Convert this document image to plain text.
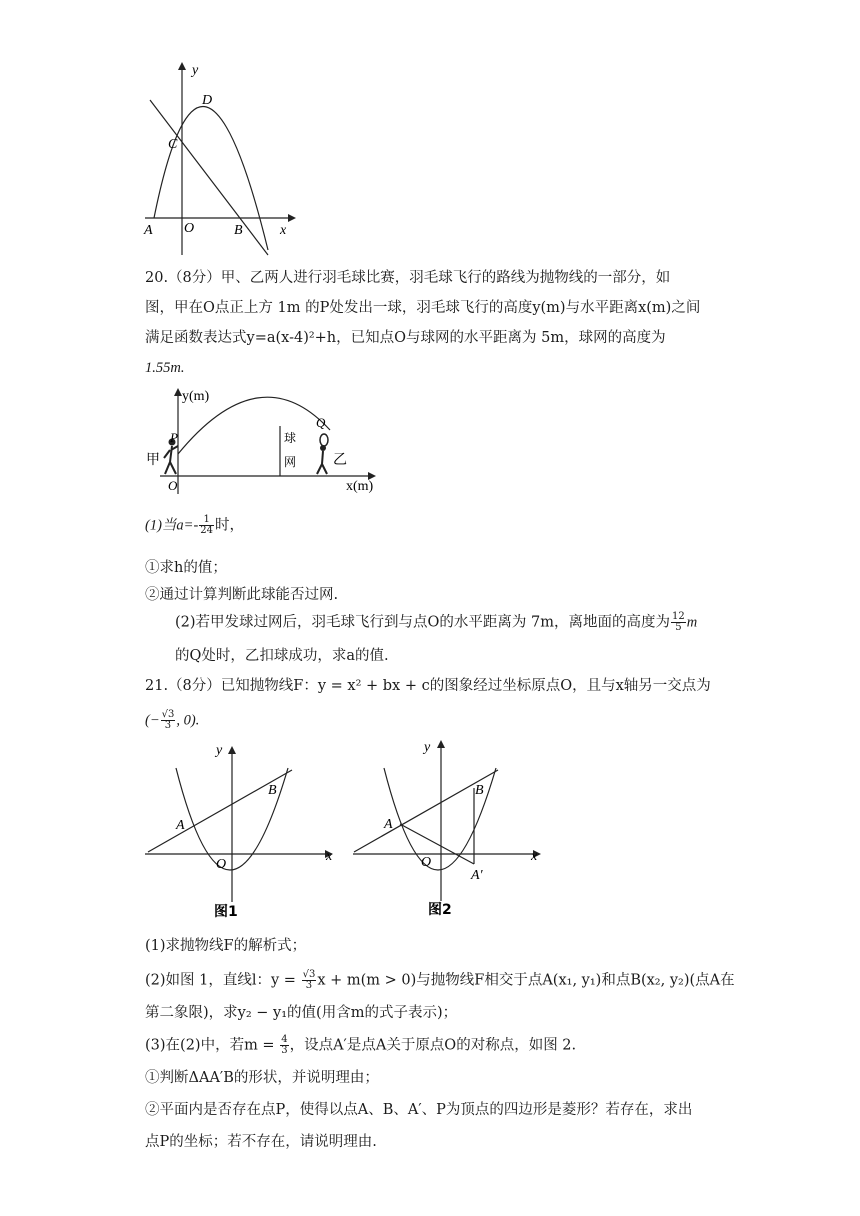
y
D
C
A O	B	x
20.（8分）甲、乙两人进行羽毛球比赛，羽毛球飞行的路线为抛物线的一部分，如
图，甲在O点正上方 1m 的P处发出一球，羽毛球飞行的高度y(m)与水平距离x(m)之间
满足函数表达式y=a(x-4)²+h，已知点O与球网的水平距离为 5m，球网的高度为
1.55m.
y(m)
x(m)
P
Q
O
甲	乙
球
网
(1)当$a=- \frac{1}{24}$ 时，
①求h的值；
②通过计算判断此球能否过网.
(2)若甲发球过网后，羽毛球飞行到与点O的水平距离为 7m，离地面的高度为 $\frac{12}{5}$ m
的Q处时，乙扣球成功，求a的值.
21.（8分）已知抛物线F：y = x² + bx + c的图象经过坐标原点O，且与x轴另一交点为
(− $\frac{√3}{3}$ , 0).
y
x
A
B
O
图1
y
x
A
B
O
A′
图2
(1)求抛物线F的解析式；
(2)如图 1，直线l：$y = \frac{√3}{3}$ x + m(m > 0)与抛物线F相交于点A(x₁, y₁)和点B(x₂, y₂)(点A在
第二象限)，求y₂ − y₁的值(用含m的式子表示)；
(3)在(2)中，若$m = \frac{4}{3}$ ，设点A′是点A关于原点O的对称点，如图 2.
①判断ΔAA′B的形状，并说明理由；
②平面内是否存在点P，使得以点A、B、A′、P为顶点的四边形是菱形？若存在，求出
点P的坐标；若不存在，请说明理由.
